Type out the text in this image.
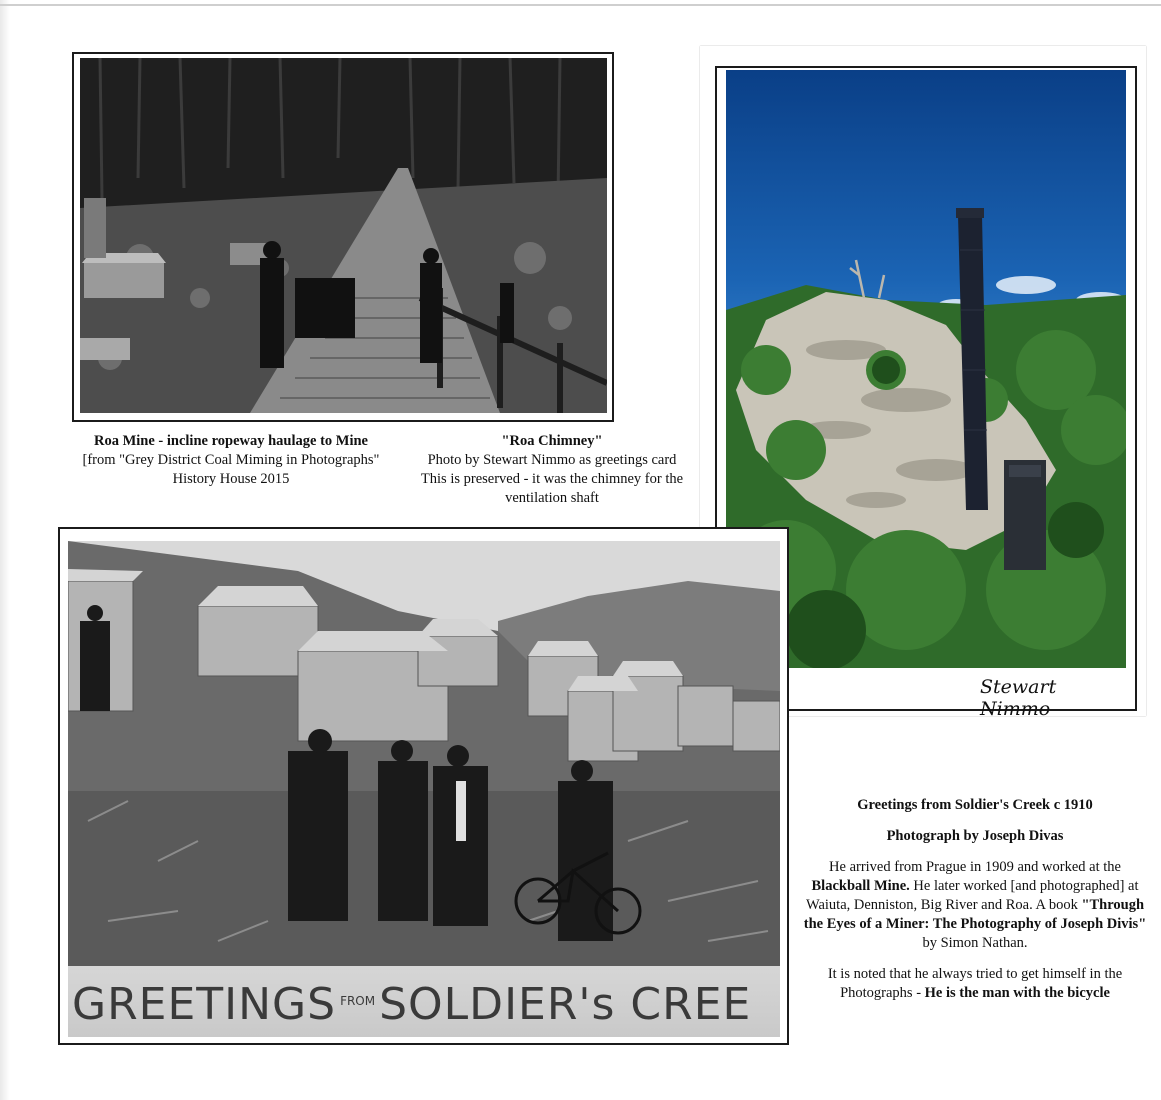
Roa Mine - incline ropeway haulage to Mine
[from "Grey District Coal Miming in Photographs"
History House 2015
"Roa Chimney"
Photo by Stewart Nimmo as greetings card
This is preserved - it was the chimney for the
ventilation shaft
Stewart Nimmo
GREETINGS $^{FROM}$SOLDIER's CREE

Greetings from Soldier's Creek c 1910

Photograph by Joseph Divas

He arrived from Prague in 1909 and worked at the Blackball Mine. He later worked [and photographed] at Waiuta, Denniston, Big River and Roa. A book "Through the Eyes of a Miner: The Photography of Joseph Divis" by Simon Nathan.

It is noted that he always tried to get himself in the Photographs - He is the man with the bicycle
